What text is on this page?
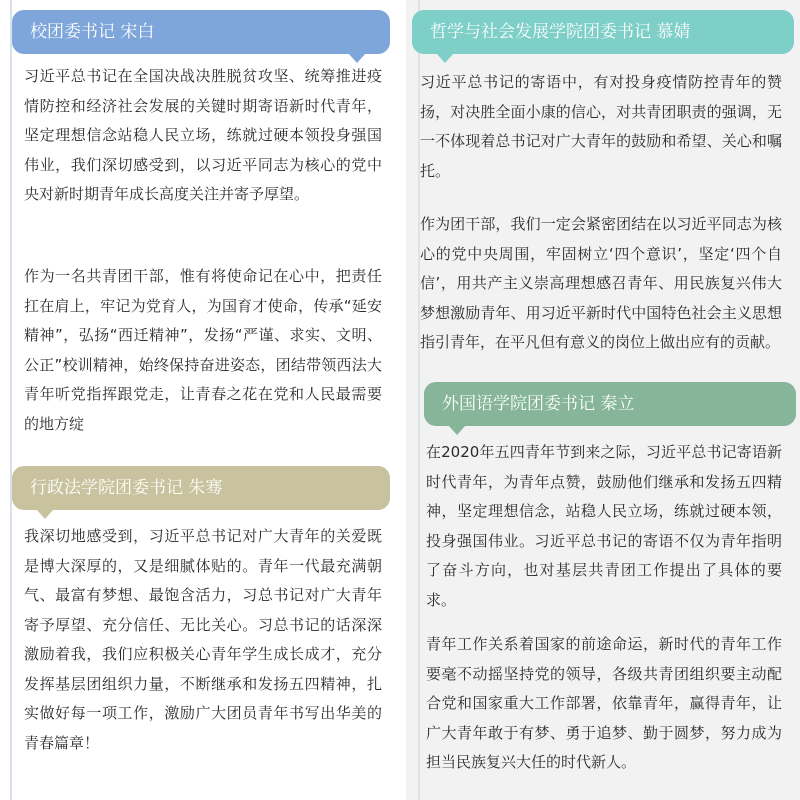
校团委书记 宋白

习近平总书记在全国决战决胜脱贫攻坚、统筹推进疫情防控和经济社会发展的关键时期寄语新时代青年，坚定理想信念站稳人民立场，练就过硬本领投身强国伟业，我们深切感受到，以习近平同志为核心的党中央对新时期青年成长高度关注并寄予厚望。

作为一名共青团干部，惟有将使命记在心中，把责任扛在肩上，牢记为党育人，为国育才使命，传承“延安精神”，弘扬“西迁精神”，发扬“严谨、求实、文明、公正”校训精神，始终保持奋进姿态，团结带领西法大青年听党指挥跟党走，让青春之花在党和人民最需要的地方绽

行政法学院团委书记 朱骞

我深切地感受到，习近平总书记对广大青年的关爱既是博大深厚的，又是细腻体贴的。青年一代最充满朝气、最富有梦想、最饱含活力，习总书记对广大青年寄予厚望、充分信任、无比关心。习总书记的话深深激励着我，我们应积极关心青年学生成长成才，充分发挥基层团组织力量，不断继承和发扬五四精神，扎实做好每一项工作，激励广大团员青年书写出华美的青春篇章！

哲学与社会发展学院团委书记 慕婧

习近平总书记的寄语中，有对投身疫情防控青年的赞扬，对决胜全面小康的信心，对共青团职责的强调，无一不体现着总书记对广大青年的鼓励和希望、关心和嘱托。

作为团干部，我们一定会紧密团结在以习近平同志为核心的党中央周围，牢固树立‘四个意识’，坚定‘四个自信’，用共产主义崇高理想感召青年、用民族复兴伟大梦想激励青年、用习近平新时代中国特色社会主义思想指引青年，在平凡但有意义的岗位上做出应有的贡献。

外国语学院团委书记 秦立

在2020年五四青年节到来之际，习近平总书记寄语新时代青年，为青年点赞，鼓励他们继承和发扬五四精神，坚定理想信念，站稳人民立场，练就过硬本领，投身强国伟业。习近平总书记的寄语不仅为青年指明了奋斗方向，也对基层共青团工作提出了具体的要求。

青年工作关系着国家的前途命运，新时代的青年工作要毫不动摇坚持党的领导，各级共青团组织要主动配合党和国家重大工作部署，依靠青年，赢得青年，让广大青年敢于有梦、勇于追梦、勤于圆梦，努力成为担当民族复兴大任的时代新人。
